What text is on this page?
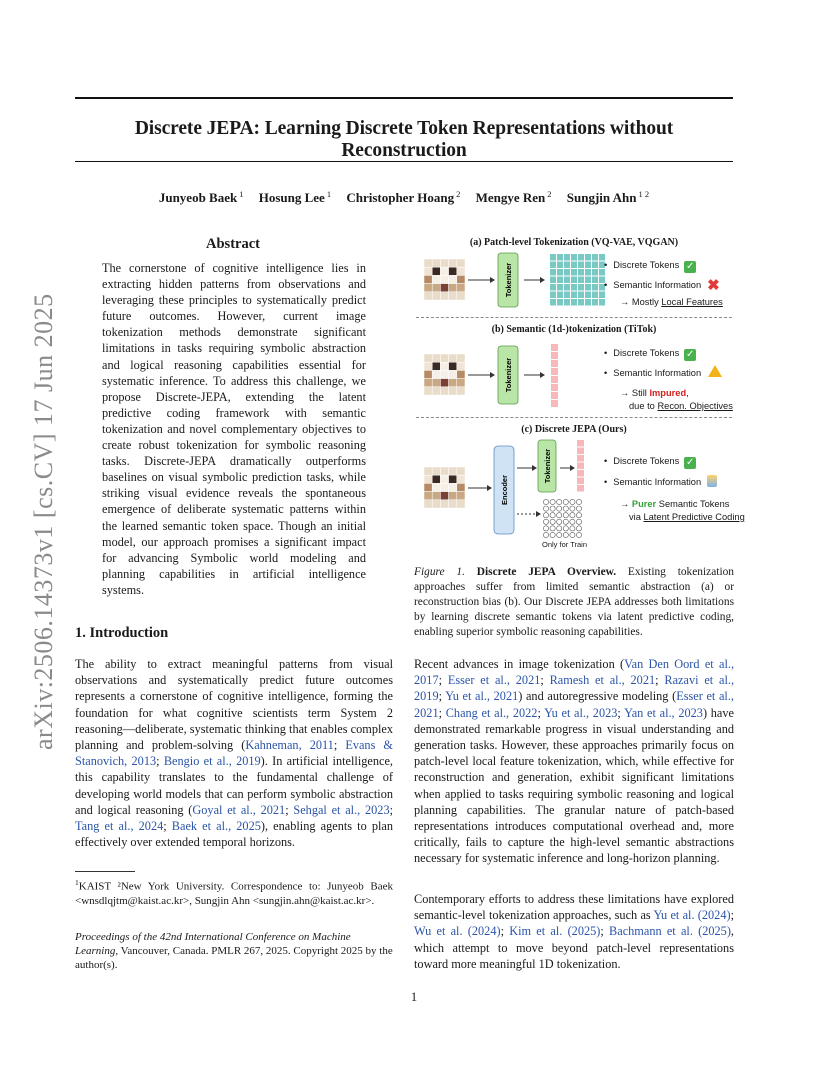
arXiv:2506.14373v1 [cs.CV] 17 Jun 2025
Discrete JEPA: Learning Discrete Token Representations without Reconstruction
Junyeob Baek $^1$ Hosung Lee $^1$ Christopher Hoang $^2$ Mengye Ren $^2$ Sungjin Ahn $^{1 2}$
Abstract
The cornerstone of cognitive intelligence lies in extracting hidden patterns from observations and leveraging these principles to systematically predict future outcomes. However, current image tokenization methods demonstrate significant limitations in tasks requiring symbolic abstraction and logical reasoning capabilities essential for systematic inference. To address this challenge, we propose Discrete-JEPA, extending the latent predictive coding framework with semantic tokenization and novel complementary objectives to create robust tokenization for symbolic reasoning tasks. Discrete-JEPA dramatically outperforms baselines on visual symbolic prediction tasks, while striking visual evidence reveals the spontaneous emergence of deliberate systematic patterns within the learned semantic token space. Though an initial model, our approach promises a significant impact for advancing Symbolic world modeling and planning capabilities in artificial intelligence systems.
1. Introduction
The ability to extract meaningful patterns from visual observations and systematically predict future outcomes represents a cornerstone of cognitive intelligence, forming the foundation for what cognitive scientists term System 2 reasoning—deliberate, systematic thinking that enables complex planning and problem-solving (Kahneman, 2011; Evans & Stanovich, 2013; Bengio et al., 2019). In artificial intelligence, this capability translates to the fundamental challenge of developing world models that can perform symbolic abstraction and logical reasoning (Goyal et al., 2021; Sehgal et al., 2023; Tang et al., 2024; Baek et al., 2025), enabling agents to plan effectively over extended temporal horizons.
$^1$KAIST ²New York University. Correspondence to: Junyeob Baek <wnsdlqjtm@kaist.ac.kr>, Sungjin Ahn <sungjin.ahn@kaist.ac.kr>.
Proceedings of the 42nd International Conference on Machine Learning, Vancouver, Canada. PMLR 267, 2025. Copyright 2025 by the author(s).
(a) Patch-level Tokenization (VQ-VAE, VQGAN)
Tokenizer	• Discrete Tokens ✓
• Semantic Information ✖
→ Mostly Local Features
(b) Semantic (1d-)tokenization (TiTok)
Tokenizer
• Discrete Tokens ✓
• Semantic Information
→ Still Impured,
due to Recon. Objectives
(c) Discrete JEPA (Ours)
Encoder
Tokenizer
Only for Train
• Discrete Tokens ✓
• Semantic Information
→ Purer Semantic Tokens
via Latent Predictive Coding
Figure 1. Discrete JEPA Overview. Existing tokenization approaches suffer from limited semantic abstraction (a) or reconstruction bias (b). Our Discrete JEPA addresses both limitations by learning discrete semantic tokens via latent predictive coding, enabling superior symbolic reasoning capabilities.
Recent advances in image tokenization (Van Den Oord et al., 2017; Esser et al., 2021; Ramesh et al., 2021; Razavi et al., 2019; Yu et al., 2021) and autoregressive modeling (Esser et al., 2021; Chang et al., 2022; Yu et al., 2023; Yan et al., 2023) have demonstrated remarkable progress in visual understanding and generation tasks. However, these approaches primarily focus on patch-level local feature tokenization, which, while effective for reconstruction and generation, exhibit significant limitations when applied to tasks requiring symbolic reasoning and logical planning capabilities. The granular nature of patch-based representations introduces computational overhead and, more critically, fails to capture the high-level semantic abstractions necessary for systematic inference and long-horizon planning.
Contemporary efforts to address these limitations have explored semantic-level tokenization approaches, such as Yu et al. (2024); Wu et al. (2024); Kim et al. (2025); Bachmann et al. (2025), which attempt to move beyond patch-level representations toward more meaningful 1D tokenization.
1
